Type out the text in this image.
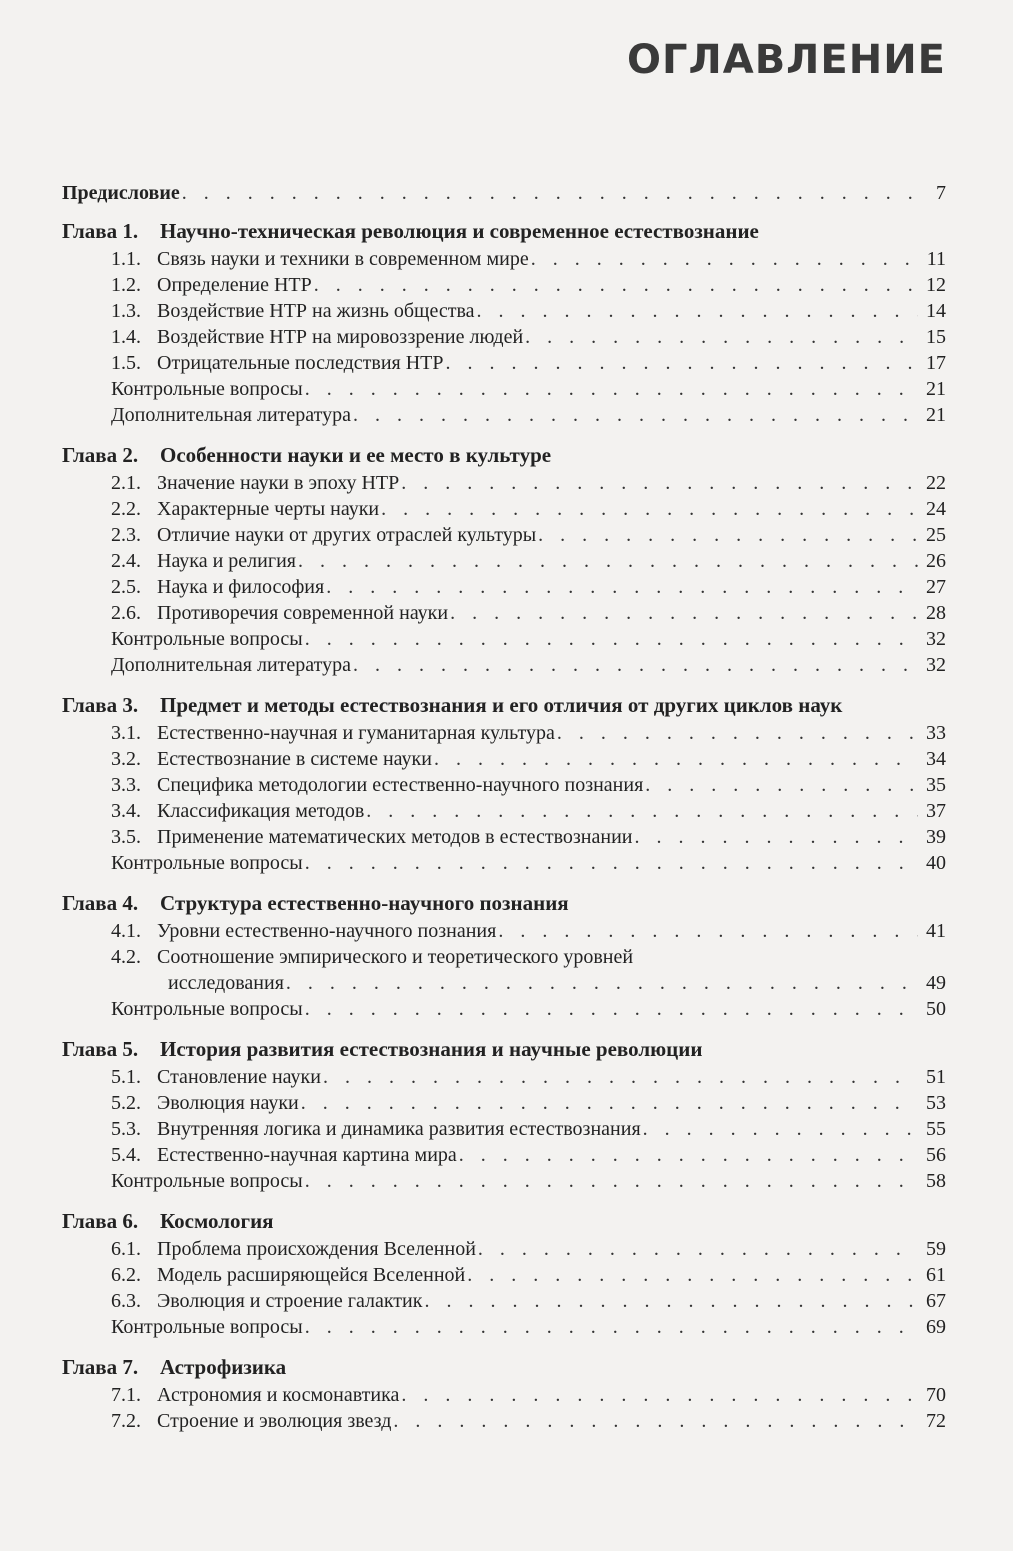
ОГЛАВЛЕНИЕ
Предисловие . . .	7
Глава 1.	Научно-техническая революция и современное естествознание
1.1. Связь науки и техники в современном мире . . .	11
1.2. Определение НТР . . .	12
1.3. Воздействие НТР на жизнь общества . . .	14
1.4. Воздействие НТР на мировоззрение людей . . .	15
1.5. Отрицательные последствия НТР . . .	17
Контрольные вопросы . . .	21
Дополнительная литература . . .	21
Глава 2.	Особенности науки и ее место в культуре
2.1. Значение науки в эпоху НТР . . .	22
2.2. Характерные черты науки . . .	24
2.3. Отличие науки от других отраслей культуры . . .	25
2.4. Наука и религия . . .	26
2.5. Наука и философия . . .	27
2.6. Противоречия современной науки . . .	28
Контрольные вопросы . . .	32
Дополнительная литература . . .	32
Глава 3.	Предмет и методы естествознания и его отличия от других циклов наук
3.1. Естественно-научная и гуманитарная культура . . .	33
3.2. Естествознание в системе науки . . .	34
3.3. Специфика методологии естественно-научного познания . . .	35
3.4. Классификация методов . . .	37
3.5. Применение математических методов в естествознании . . .	39
Контрольные вопросы . . .	40
Глава 4.	Структура естественно-научного познания
4.1. Уровни естественно-научного познания . . .	41
4.2. Соотношение эмпирического и теоретического уровней
исследования . . .	49
Контрольные вопросы . . .	50
Глава 5.	История развития естествознания и научные революции
5.1. Становление науки . . .	51
5.2. Эволюция науки . . .	53
5.3. Внутренняя логика и динамика развития естествознания . . .	55
5.4. Естественно-научная картина мира . . .	56
Контрольные вопросы . . .	58
Глава 6.	Космология
6.1. Проблема происхождения Вселенной . . .	59
6.2. Модель расширяющейся Вселенной . . .	61
6.3. Эволюция и строение галактик . . .	67
Контрольные вопросы . . .	69
Глава 7.	Астрофизика
7.1. Астрономия и космонавтика . . .	70
7.2. Строение и эволюция звезд . . .	72
